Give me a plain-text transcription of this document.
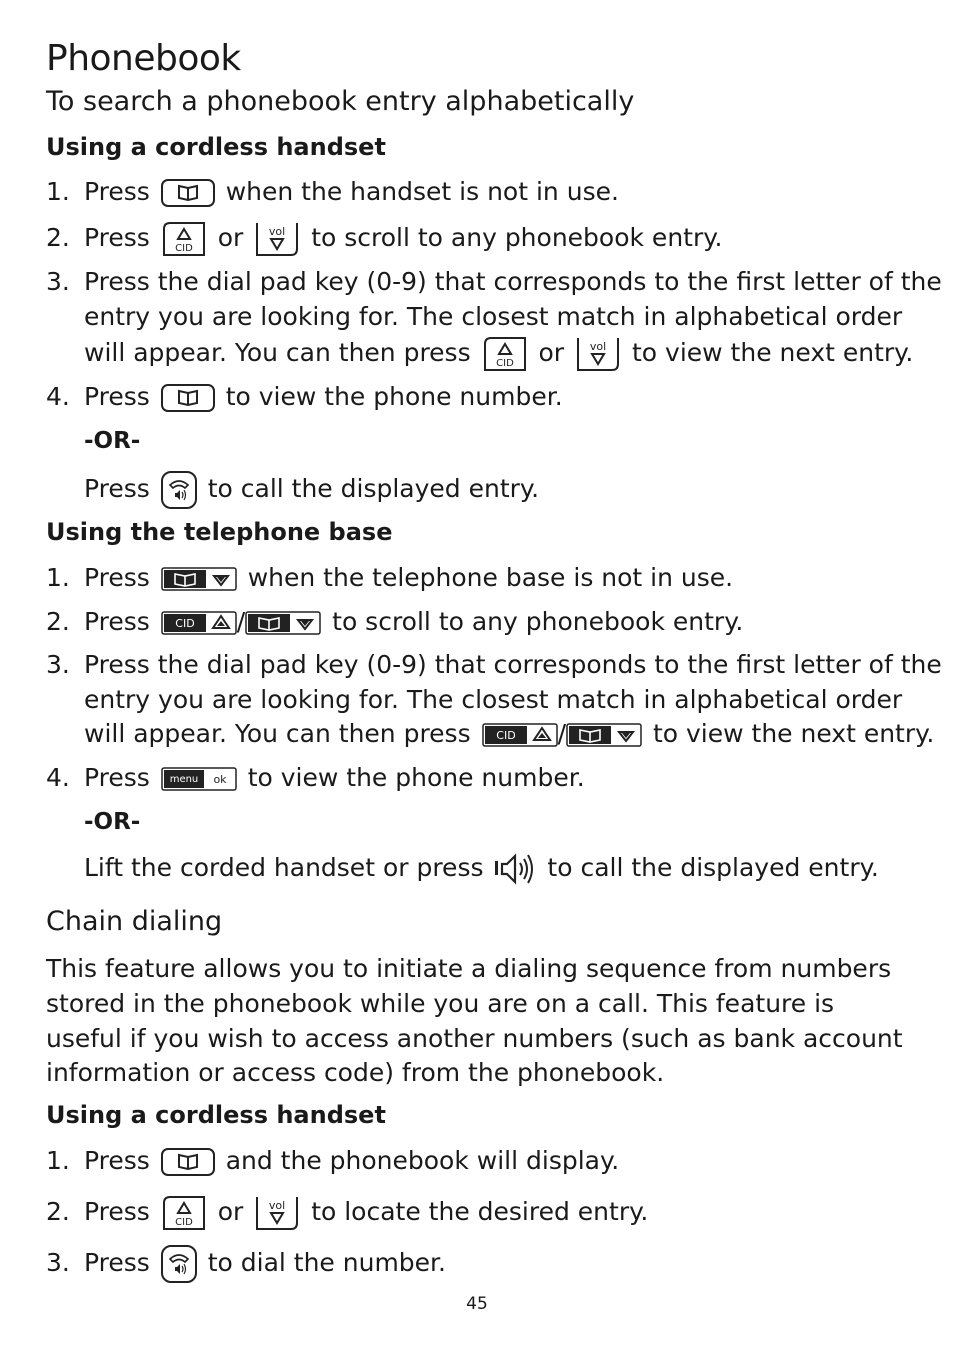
Phonebook
To search a phonebook entry alphabetically
Using a cordless handset
1. Press	when the handset is not in use.
2. Press	CID or vol to scroll to any phonebook entry.
3. Press the dial pad key (0-9) that corresponds to the first letter of the
entry you are looking for. The closest match in alphabetical order
will appear. You can then press	CID or vol to view the next entry.
4. Press	to view the phone number.
-OR-
Press to call the displayed entry.
Using the telephone base
1. Press	when the telephone base is not in use.
2. Press CID /	to scroll to any phonebook entry.
3. Press the dial pad key (0-9) that corresponds to the first letter of the
entry you are looking for. The closest match in alphabetical order
will appear. You can then press CID /	to view the next entry.
4. Press menu ok to view the phone number.
-OR-
Lift the corded handset or press	to call the displayed entry.
Chain dialing
This feature allows you to initiate a dialing sequence from numbers
stored in the phonebook while you are on a call. This feature is
useful if you wish to access another numbers (such as bank account
information or access code) from the phonebook.
Using a cordless handset
1. Press	and the phonebook will display.
2. Press	CID or vol to locate the desired entry.
3. Press to dial the number.
45
